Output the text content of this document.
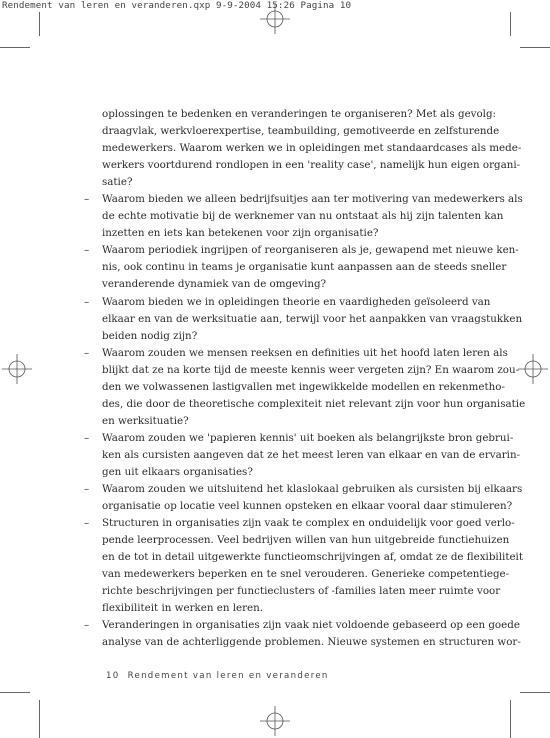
Rendement van leren en veranderen.qxp 9-9-2004 15:26 Pagina 10
oplossingen te bedenken en veranderingen te organiseren? Met als gevolg:
draagvlak, werkvloerexpertise, teambuilding, gemotiveerde en zelfsturende
medewerkers. Waarom werken we in opleidingen met standaardcases als mede-
werkers voortdurend rondlopen in een 'reality case', namelijk hun eigen organi-
satie?
– Waarom bieden we alleen bedrijfsuitjes aan ter motivering van medewerkers als
de echte motivatie bij de werknemer van nu ontstaat als hij zijn talenten kan
inzetten en iets kan betekenen voor zijn organisatie?
– Waarom periodiek ingrijpen of reorganiseren als je, gewapend met nieuwe ken-
nis, ook continu in teams je organisatie kunt aanpassen aan de steeds sneller
veranderende dynamiek van de omgeving?
– Waarom bieden we in opleidingen theorie en vaardigheden geïsoleerd van
elkaar en van de werksituatie aan, terwijl voor het aanpakken van vraagstukken
beiden nodig zijn?
– Waarom zouden we mensen reeksen en definities uit het hoofd laten leren als
blijkt dat ze na korte tijd de meeste kennis weer vergeten zijn? En waarom zou-
den we volwassenen lastigvallen met ingewikkelde modellen en rekenmetho-
des, die door de theoretische complexiteit niet relevant zijn voor hun organisatie
en werksituatie?
– Waarom zouden we 'papieren kennis' uit boeken als belangrijkste bron gebrui-
ken als cursisten aangeven dat ze het meest leren van elkaar en van de ervarin-
gen uit elkaars organisaties?
– Waarom zouden we uitsluitend het klaslokaal gebruiken als cursisten bij elkaars
organisatie op locatie veel kunnen opsteken en elkaar vooral daar stimuleren?
– Structuren in organisaties zijn vaak te complex en onduidelijk voor goed verlo-
pende leerprocessen. Veel bedrijven willen van hun uitgebreide functiehuizen
en de tot in detail uitgewerkte functieomschrijvingen af, omdat ze de flexibiliteit
van medewerkers beperken en te snel verouderen. Generieke competentiege-
richte beschrijvingen per functieclusters of -families laten meer ruimte voor
flexibiliteit in werken en leren.
– Veranderingen in organisaties zijn vaak niet voldoende gebaseerd op een goede
analyse van de achterliggende problemen. Nieuwe systemen en structuren wor-
10 Rendement van leren en veranderen
